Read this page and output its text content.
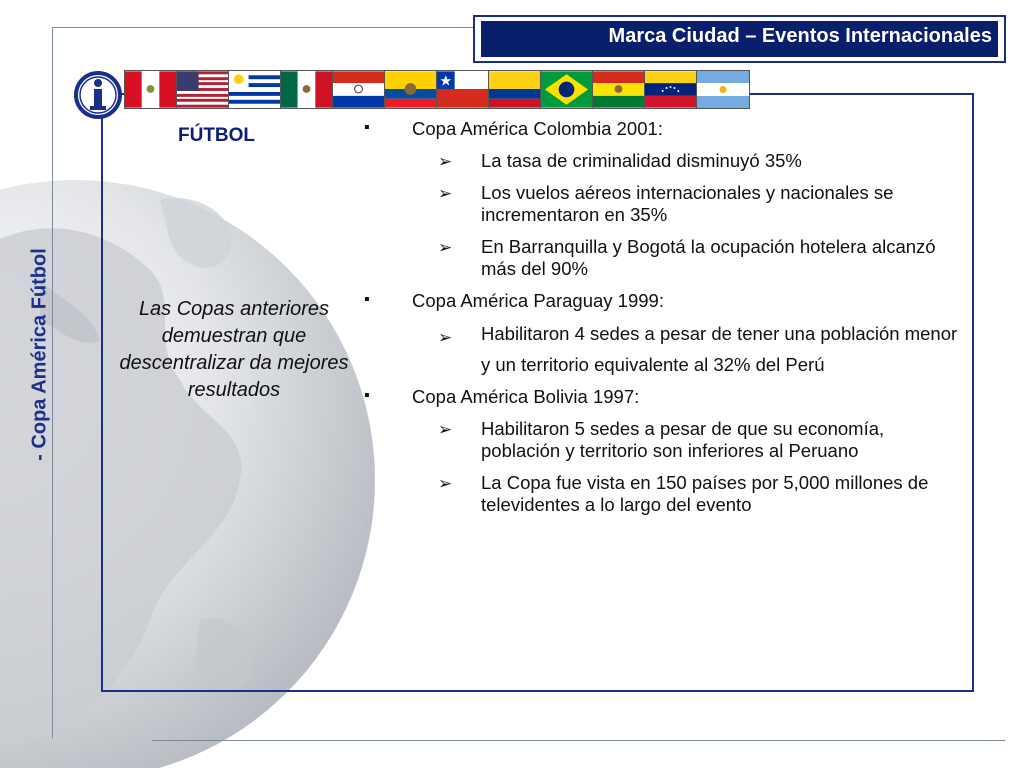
Marca Ciudad – Eventos Internacionales
- Copa América Fútbol
FÚTBOL
Las Copas anteriores demuestran que descentralizar da mejores resultados
▪ Copa América Colombia 2001:
➢ La tasa de criminalidad disminuyó 35%
➢ Los vuelos aéreos internacionales y nacionales se incrementaron en 35%
➢ En Barranquilla y Bogotá la ocupación hotelera alcanzó más del 90%
▪ Copa América Paraguay 1999:
➢ Habilitaron 4 sedes a pesar de tener una población menor y un territorio equivalente al 32% del Perú
▪ Copa América Bolivia 1997:
➢ Habilitaron 5 sedes a pesar de que su economía, población y territorio son inferiores al Peruano
➢ La Copa fue vista en 150 países por 5,000 millones de televidentes a lo largo del evento
